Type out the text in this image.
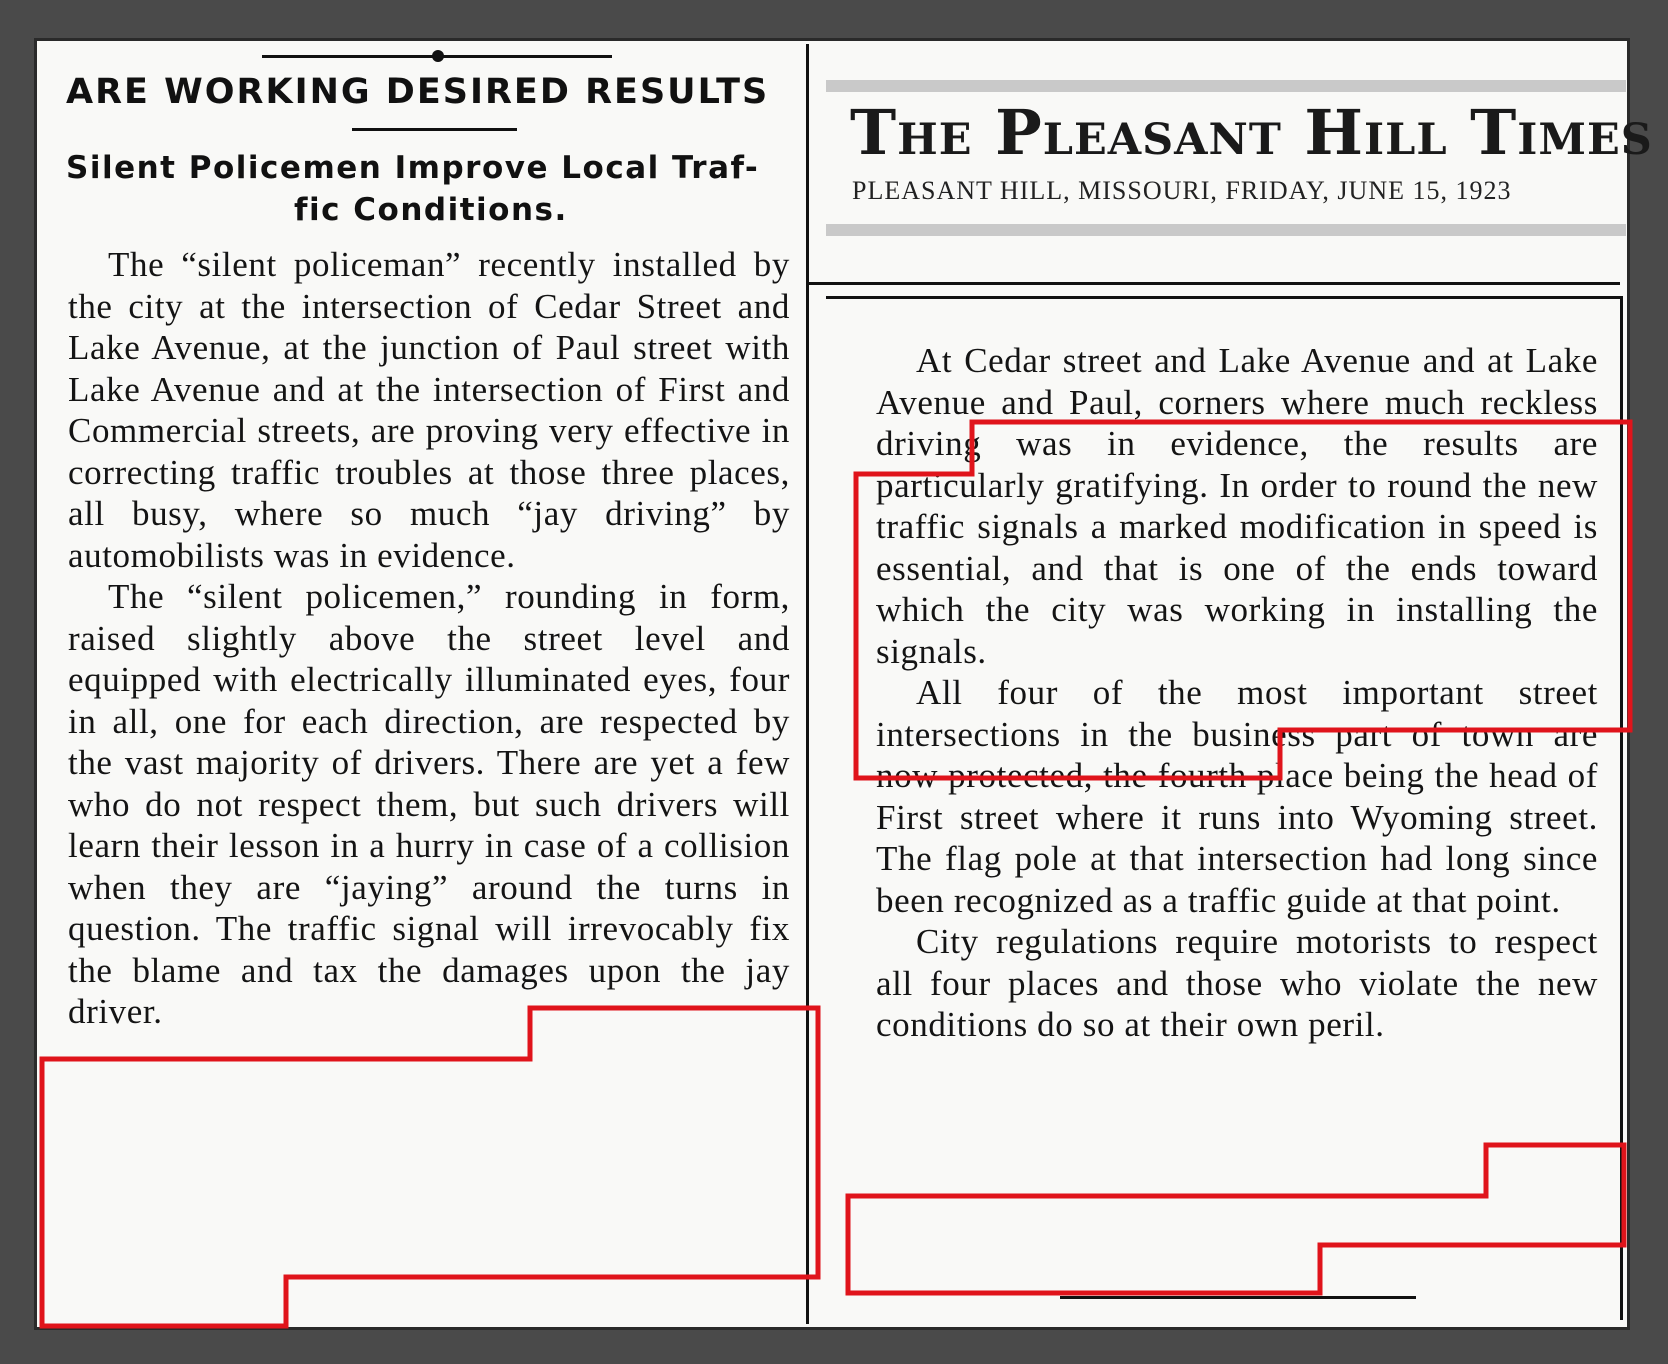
ARE WORKING DESIRED RESULTS
Silent Policemen Improve Local Traf-
fic Conditions.

The “silent policeman” recently installed by the city at the intersection of Cedar Street and Lake Avenue, at the junction of Paul street with Lake Avenue and at the intersection of First and Commercial streets, are proving very effective in correcting traffic troubles at those three places, all busy, where so much “jay driving” by automobilists was in evidence.

The “silent policemen,” rounding in form, raised slightly above the street level and equipped with electrically illuminated eyes, four in all, one for each direction, are respected by the vast majority of drivers. There are yet a few who do not respect them, but such drivers will learn their lesson in a hurry in case of a collision when they are “jaying” around the turns in question. The traffic signal will irrevocably fix the blame and tax the damages upon the jay driver.

The Pleasant Hill Times
PLEASANT HILL, MISSOURI, FRIDAY, JUNE 15, 1923

At Cedar street and Lake Avenue and at Lake Avenue and Paul, corners where much reckless driving was in evidence, the results are particularly gratifying. In order to round the new traffic signals a marked modification in speed is essential, and that is one of the ends toward which the city was working in installing the signals.

All four of the most important street intersections in the business part of town are now protected, the fourth place being the head of First street where it runs into Wyoming street. The flag pole at that intersection had long since been recognized as a traffic guide at that point.

City regulations require motorists to respect all four places and those who violate the new conditions do so at their own peril.
